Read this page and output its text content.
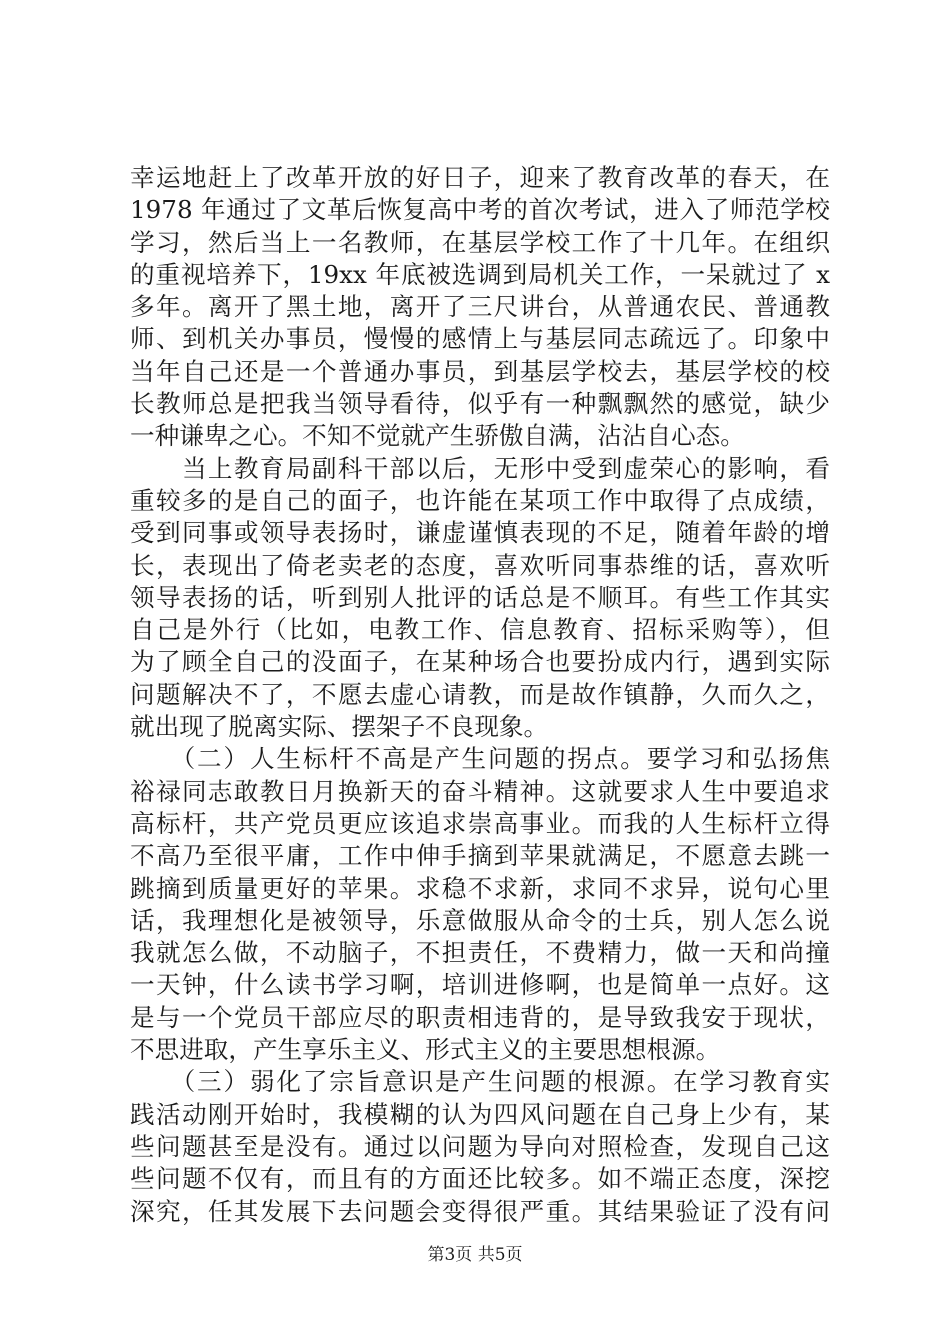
幸运地赶上了改革开放的好日子，迎来了教育改革的春天，在
1978 年通过了文革后恢复高中考的首次考试，进入了师范学校
学习，然后当上一名教师，在基层学校工作了十几年。在组织
的重视培养下，19xx 年底被选调到局机关工作，一呆就过了 x
多年。离开了黑土地，离开了三尺讲台，从普通农民、普通教
师、到机关办事员，慢慢的感情上与基层同志疏远了。印象中
当年自己还是一个普通办事员，到基层学校去，基层学校的校
长教师总是把我当领导看待，似乎有一种飘飘然的感觉，缺少
一种谦卑之心。不知不觉就产生骄傲自满，沾沾自心态。
　　当上教育局副科干部以后，无形中受到虚荣心的影响，看
重较多的是自己的面子，也许能在某项工作中取得了点成绩，
受到同事或领导表扬时，谦虚谨慎表现的不足，随着年龄的增
长，表现出了倚老卖老的态度，喜欢听同事恭维的话，喜欢听
领导表扬的话，听到别人批评的话总是不顺耳。有些工作其实
自己是外行（比如，电教工作、信息教育、招标采购等），但
为了顾全自己的没面子，在某种场合也要扮成内行，遇到实际
问题解决不了，不愿去虚心请教，而是故作镇静，久而久之，
就出现了脱离实际、摆架子不良现象。
　　（二）人生标杆不高是产生问题的拐点。要学习和弘扬焦
裕禄同志敢教日月换新天的奋斗精神。这就要求人生中要追求
高标杆，共产党员更应该追求崇高事业。而我的人生标杆立得
不高乃至很平庸，工作中伸手摘到苹果就满足，不愿意去跳一
跳摘到质量更好的苹果。求稳不求新，求同不求异，说句心里
话，我理想化是被领导，乐意做服从命令的士兵，别人怎么说
我就怎么做，不动脑子，不担责任，不费精力，做一天和尚撞
一天钟，什么读书学习啊，培训进修啊，也是简单一点好。这
是与一个党员干部应尽的职责相违背的，是导致我安于现状，
不思进取，产生享乐主义、形式主义的主要思想根源。
　　（三）弱化了宗旨意识是产生问题的根源。在学习教育实
践活动刚开始时，我模糊的认为四风问题在自己身上少有，某
些问题甚至是没有。通过以问题为导向对照检查，发现自己这
些问题不仅有，而且有的方面还比较多。如不端正态度，深挖
深究，任其发展下去问题会变得很严重。其结果验证了没有问
第3页 共5页
